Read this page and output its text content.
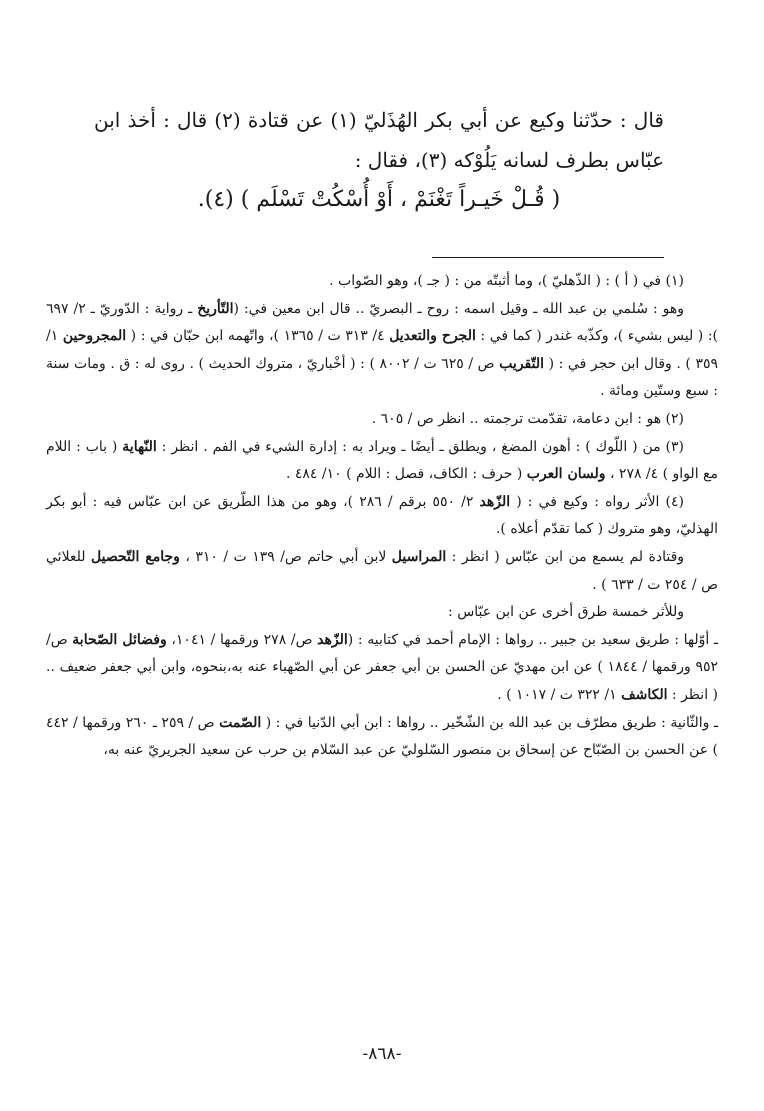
قال : حدّثنا وكيع عن أبي بكر الهُذَليّ (١) عن قتادة (٢) قال : أخذ ابن عبّاس بطرف لسانه يَلُوْكه (٣)، فقال :

( قُـلْ خَيـراً تَغْنَمْ ، أَوْ أُسْكُتْ تَسْلَم ) (٤).

(١) في ( أ ) : ( الذّهليّ )، وما أثبتّه من : ( جـ )، وهو الصّواب .

وهو : سُلمي بن عبد الله ـ وقيل اسمه : روح ـ البصريّ .. قال ابن معين في: (التّأريخ ـ رواية : الدّوريّ ـ ٢/ ٦٩٧ ): ( ليس بشيء )، وكذّبه غندر ( كما في : الجرح والتعديل ٤/ ٣١٣ ت / ١٣٦٥ )، واتّهمه ابن حبّان في : ( المجروحين ١/ ٣٥٩ ) . وقال ابن حجر في : ( التّقريب ص / ٦٢٥ ت / ٨٠٠٢ ) : ( أخْباريّ ، متروك الحديث ) . روى له : ق . ومات سنة : سبع وستّين ومائة .

(٢) هو : ابن دعامة، تقدّمت ترجمته .. انظر ص / ٦٠٥ .

(٣) من ( اللّوك ) : أهون المضغ ، ويطلق ـ أيضًا ـ ويراد به : إدارة الشيء في الفم . انظر : النّهاية ( باب : اللام مع الواو ) ٤/ ٢٧٨ ، ولسان العرب ( حرف : الكاف، فصل : اللام ) ١٠/ ٤٨٤ .

(٤) الأثر رواه : وكيع في : ( الزّهد ٢/ ٥٥٠ برقم / ٢٨٦ )، وهو من هذا الطّريق عن ابن عبّاس فيه : أبو بكر الهذليّ، وهو متروك ( كما تقدّم أعلاه ).

وقتادة لم يسمع من ابن عبّاس ( انظر : المراسيل لابن أبي حاتم ص/ ١٣٩ ت / ٣١٠ ، وجامع التّحصيل للعلائي ص / ٢٥٤ ت / ٦٣٣ ) .

وللأثر خمسة طرق أخرى عن ابن عبّاس :

ـ أوّلها : طريق سعيد بن جبير .. رواها : الإمام أحمد في كتابيه : (الزّهد ص/ ٢٧٨ ورقمها / ١٠٤١، وفضائل الصّحابة ص/ ٩٥٢ ورقمها / ١٨٤٤ ) عن ابن مهديّ عن الحسن بن أبي جعفر عن أبي الصّهباء عنه به،بنحوه، وابن أبي جعفر ضعيف .. ( انظر : الكاشف ١/ ٣٢٢ ت / ١٠١٧ ) .

ـ والثّانية : طريق مطرّف بن عبد الله بن الشّخّير .. رواها : ابن أبي الدّنيا في : ( الصّمت ص / ٢٥٩ ـ ٢٦٠ ورقمها / ٤٤٢ ) عن الحسن بن الصّبّاح عن إسحاق بن منصور السّلوليّ عن عبد السّلام بن حرب عن سعيد الجريريّ عنه به،

-٨٦٨-
